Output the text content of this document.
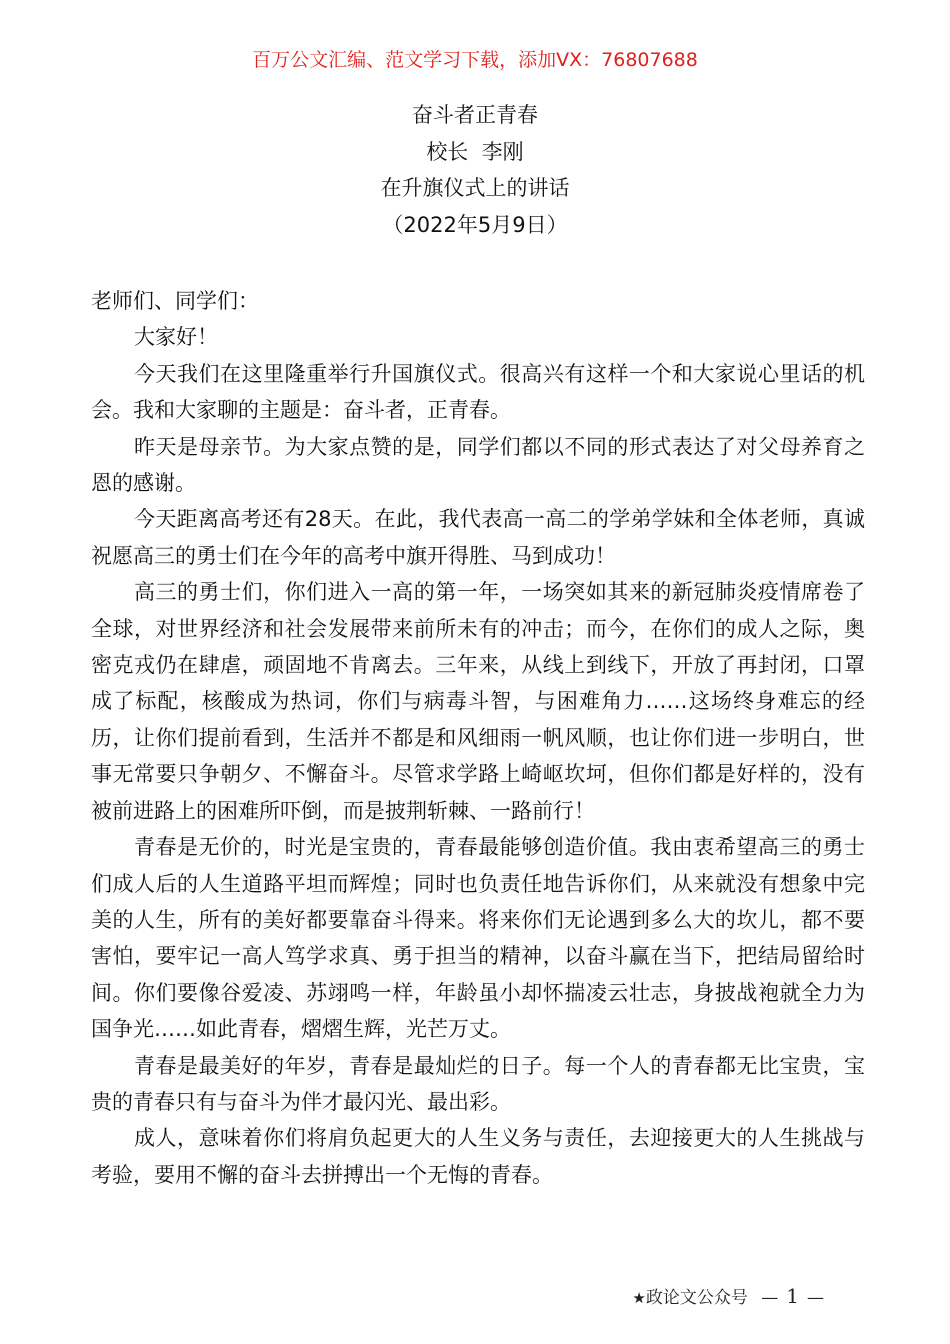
百万公文汇编、范文学习下载，添加VX：76807688
奋斗者正青春
校长  李刚
在升旗仪式上的讲话
（2022年5月9日）

老师们、同学们：

大家好！

今天我们在这里隆重举行升国旗仪式。很高兴有这样一个和大家说心里话的机会。我和大家聊的主题是：奋斗者，正青春。

昨天是母亲节。为大家点赞的是，同学们都以不同的形式表达了对父母养育之恩的感谢。

今天距离高考还有28天。在此，我代表高一高二的学弟学妹和全体老师，真诚祝愿高三的勇士们在今年的高考中旗开得胜、马到成功！

高三的勇士们，你们进入一高的第一年，一场突如其来的新冠肺炎疫情席卷了全球，对世界经济和社会发展带来前所未有的冲击；而今，在你们的成人之际，奥密克戎仍在肆虐，顽固地不肯离去。三年来，从线上到线下，开放了再封闭，口罩成了标配，核酸成为热词，你们与病毒斗智，与困难角力……这场终身难忘的经历，让你们提前看到，生活并不都是和风细雨一帆风顺，也让你们进一步明白，世事无常要只争朝夕、不懈奋斗。尽管求学路上崎岖坎坷，但你们都是好样的，没有被前进路上的困难所吓倒，而是披荆斩棘、一路前行！

青春是无价的，时光是宝贵的，青春最能够创造价值。我由衷希望高三的勇士们成人后的人生道路平坦而辉煌；同时也负责任地告诉你们，从来就没有想象中完美的人生，所有的美好都要靠奋斗得来。将来你们无论遇到多么大的坎儿，都不要害怕，要牢记一高人笃学求真、勇于担当的精神，以奋斗赢在当下，把结局留给时间。你们要像谷爱凌、苏翊鸣一样，年龄虽小却怀揣凌云壮志，身披战袍就全力为国争光……如此青春，熠熠生辉，光芒万丈。

青春是最美好的年岁，青春是最灿烂的日子。每一个人的青春都无比宝贵，宝贵的青春只有与奋斗为伴才最闪光、最出彩。

成人，意味着你们将肩负起更大的人生义务与责任，去迎接更大的人生挑战与考验，要用不懈的奋斗去拼搏出一个无悔的青春。

★政论文公众号 — 1 —
